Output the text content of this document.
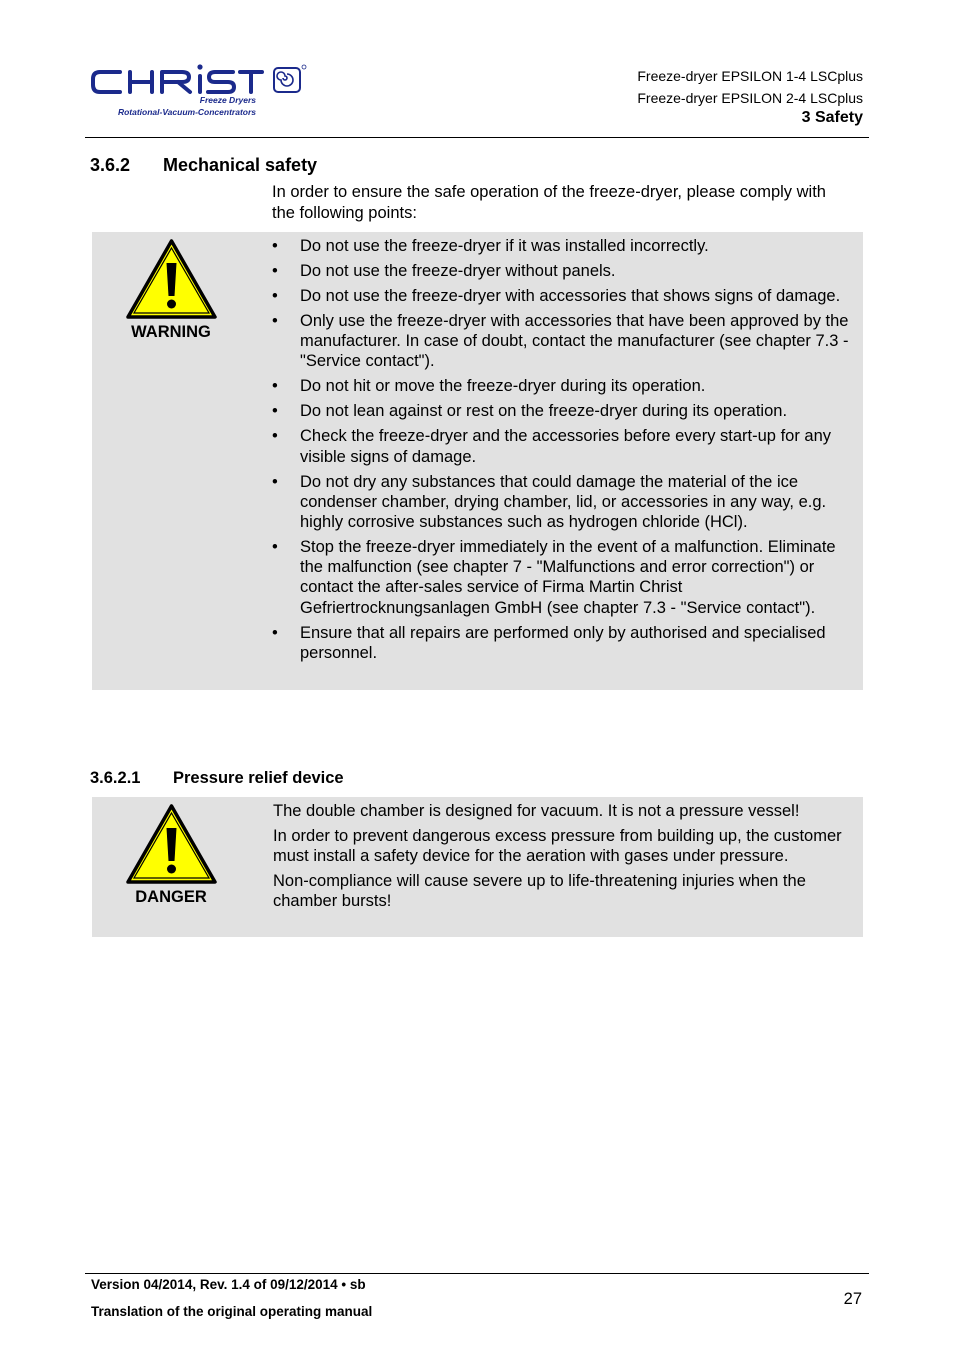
Freeze Dryers
Rotational-Vacuum-Concentrators
Freeze-dryer EPSILON 1-4 LSCplus
Freeze-dryer EPSILON 2-4 LSCplus
3 Safety
3.6.2 Mechanical safety
In order to ensure the safe operation of the freeze-dryer, please comply with the following points:
WARNING
• Do not use the freeze-dryer if it was installed incorrectly.
• Do not use the freeze-dryer without panels.
• Do not use the freeze-dryer with accessories that shows signs of damage.
• Only use the freeze-dryer with accessories that have been approved by the manufacturer. In case of doubt, contact the manufacturer (see chapter 7.3 - "Service contact").
• Do not hit or move the freeze-dryer during its operation.
• Do not lean against or rest on the freeze-dryer during its operation.
• Check the freeze-dryer and the accessories before every start-up for any visible signs of damage.
• Do not dry any substances that could damage the material of the ice condenser chamber, drying chamber, lid, or accessories in any way, e.g. highly corrosive substances such as hydrogen chloride (HCl).
• Stop the freeze-dryer immediately in the event of a malfunction. Eliminate the malfunction (see chapter 7 - "Malfunctions and error correction") or contact the after-sales service of Firma Martin Christ Gefriertrocknungsanlagen GmbH (see chapter 7.3 - "Service contact").
• Ensure that all repairs are performed only by authorised and specialised personnel.
3.6.2.1 Pressure relief device
DANGER

The double chamber is designed for vacuum. It is not a pressure vessel!

In order to prevent dangerous excess pressure from building up, the customer must install a safety device for the aeration with gases under pressure.

Non-compliance will cause severe up to life-threatening injuries when the chamber bursts!

Version 04/2014, Rev. 1.4 of 09/12/2014 • sb
Translation of the original operating manual
27
